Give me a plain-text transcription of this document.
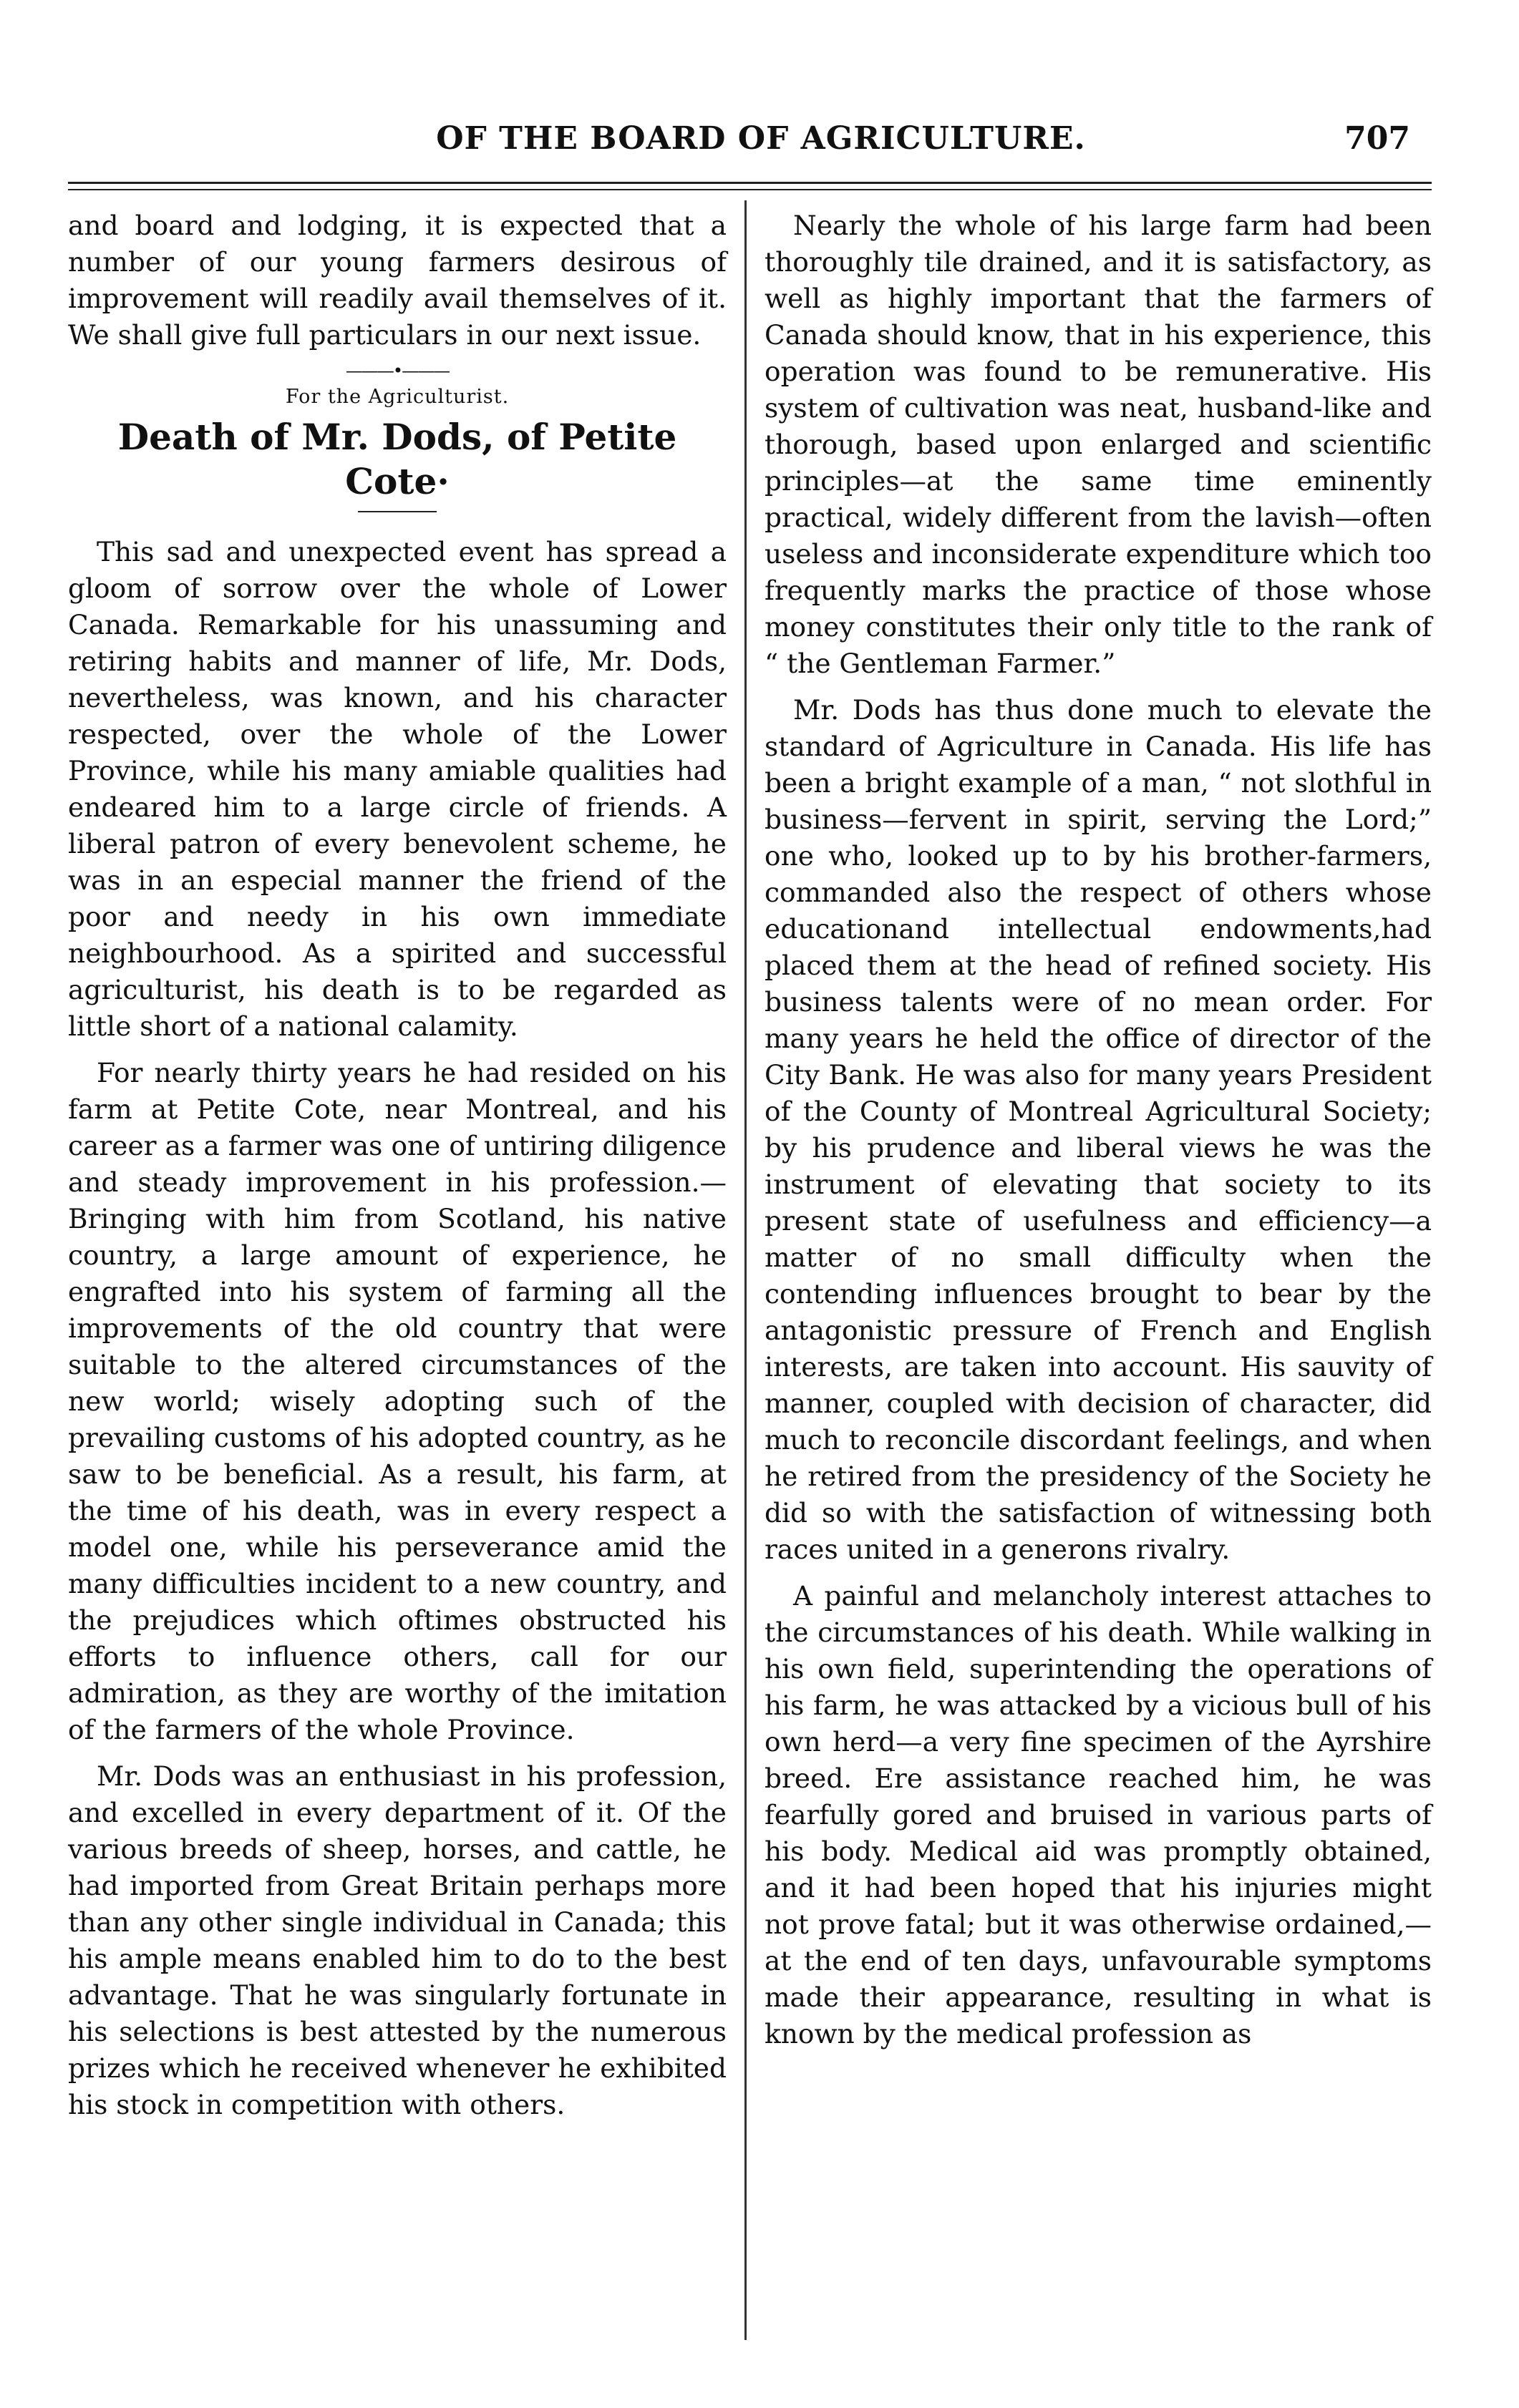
OF THE BOARD OF AGRICULTURE.	707

and board and lodging, it is expected that a number of our young farmers desirous of improvement will readily avail themselves of it. We shall give full particulars in our next issue.

———•———
For the Agriculturist.
Death of Mr. Dods, of Petite Cote·

This sad and unexpected event has spread a gloom of sorrow over the whole of Lower Canada. Remarkable for his unassuming and retiring habits and manner of life, Mr. Dods, nevertheless, was known, and his character respected, over the whole of the Lower Province, while his many amiable qualities had endeared him to a large circle of friends. A liberal patron of every benevolent scheme, he was in an especial manner the friend of the poor and needy in his own immediate neighbourhood. As a spirited and successful agriculturist, his death is to be regarded as little short of a national calamity.

For nearly thirty years he had resided on his farm at Petite Cote, near Montreal, and his career as a farmer was one of untiring diligence and steady improvement in his profession.— Bringing with him from Scotland, his native country, a large amount of experience, he engrafted into his system of farming all the improvements of the old country that were suitable to the altered circumstances of the new world; wisely adopting such of the prevailing customs of his adopted country, as he saw to be beneficial. As a result, his farm, at the time of his death, was in every respect a model one, while his perseverance amid the many difficulties incident to a new country, and the prejudices which oftimes obstructed his efforts to influence others, call for our admiration, as they are worthy of the imitation of the farmers of the whole Province.

Mr. Dods was an enthusiast in his profession, and excelled in every department of it. Of the various breeds of sheep, horses, and cattle, he had imported from Great Britain perhaps more than any other single individual in Canada; this his ample means enabled him to do to the best advantage. That he was singularly fortunate in his selections is best attested by the numerous prizes which he received whenever he exhibited his stock in competition with others.

Nearly the whole of his large farm had been thoroughly tile drained, and it is satisfactory, as well as highly important that the farmers of Canada should know, that in his experience, this operation was found to be remunerative. His system of cultivation was neat, husband-like and thorough, based upon enlarged and scientific principles—at the same time eminently practical, widely different from the lavish—often useless and inconsiderate expenditure which too frequently marks the practice of those whose money constitutes their only title to the rank of “ the Gentleman Farmer.”

Mr. Dods has thus done much to elevate the standard of Agriculture in Canada. His life has been a bright example of a man, “ not slothful in business—fervent in spirit, serving the Lord;” one who, looked up to by his brother-farmers, commanded also the respect of others whose educationand intellectual endowments,had placed them at the head of refined society. His business talents were of no mean order. For many years he held the office of director of the City Bank. He was also for many years President of the County of Montreal Agricultural Society; by his prudence and liberal views he was the instrument of elevating that society to its present state of usefulness and efficiency—a matter of no small difficulty when the contending influences brought to bear by the antagonistic pressure of French and English interests, are taken into account. His sauvity of manner, coupled with decision of character, did much to reconcile discordant feelings, and when he retired from the presidency of the Society he did so with the satisfaction of witnessing both races united in a generons rivalry.

A painful and melancholy interest attaches to the circumstances of his death. While walking in his own field, superintending the operations of his farm, he was attacked by a vicious bull of his own herd—a very fine specimen of the Ayrshire breed. Ere assistance reached him, he was fearfully gored and bruised in various parts of his body. Medical aid was promptly obtained, and it had been hoped that his injuries might not prove fatal; but it was otherwise ordained,—at the end of ten days, unfavourable symptoms made their appearance, resulting in what is known by the medical profession as
